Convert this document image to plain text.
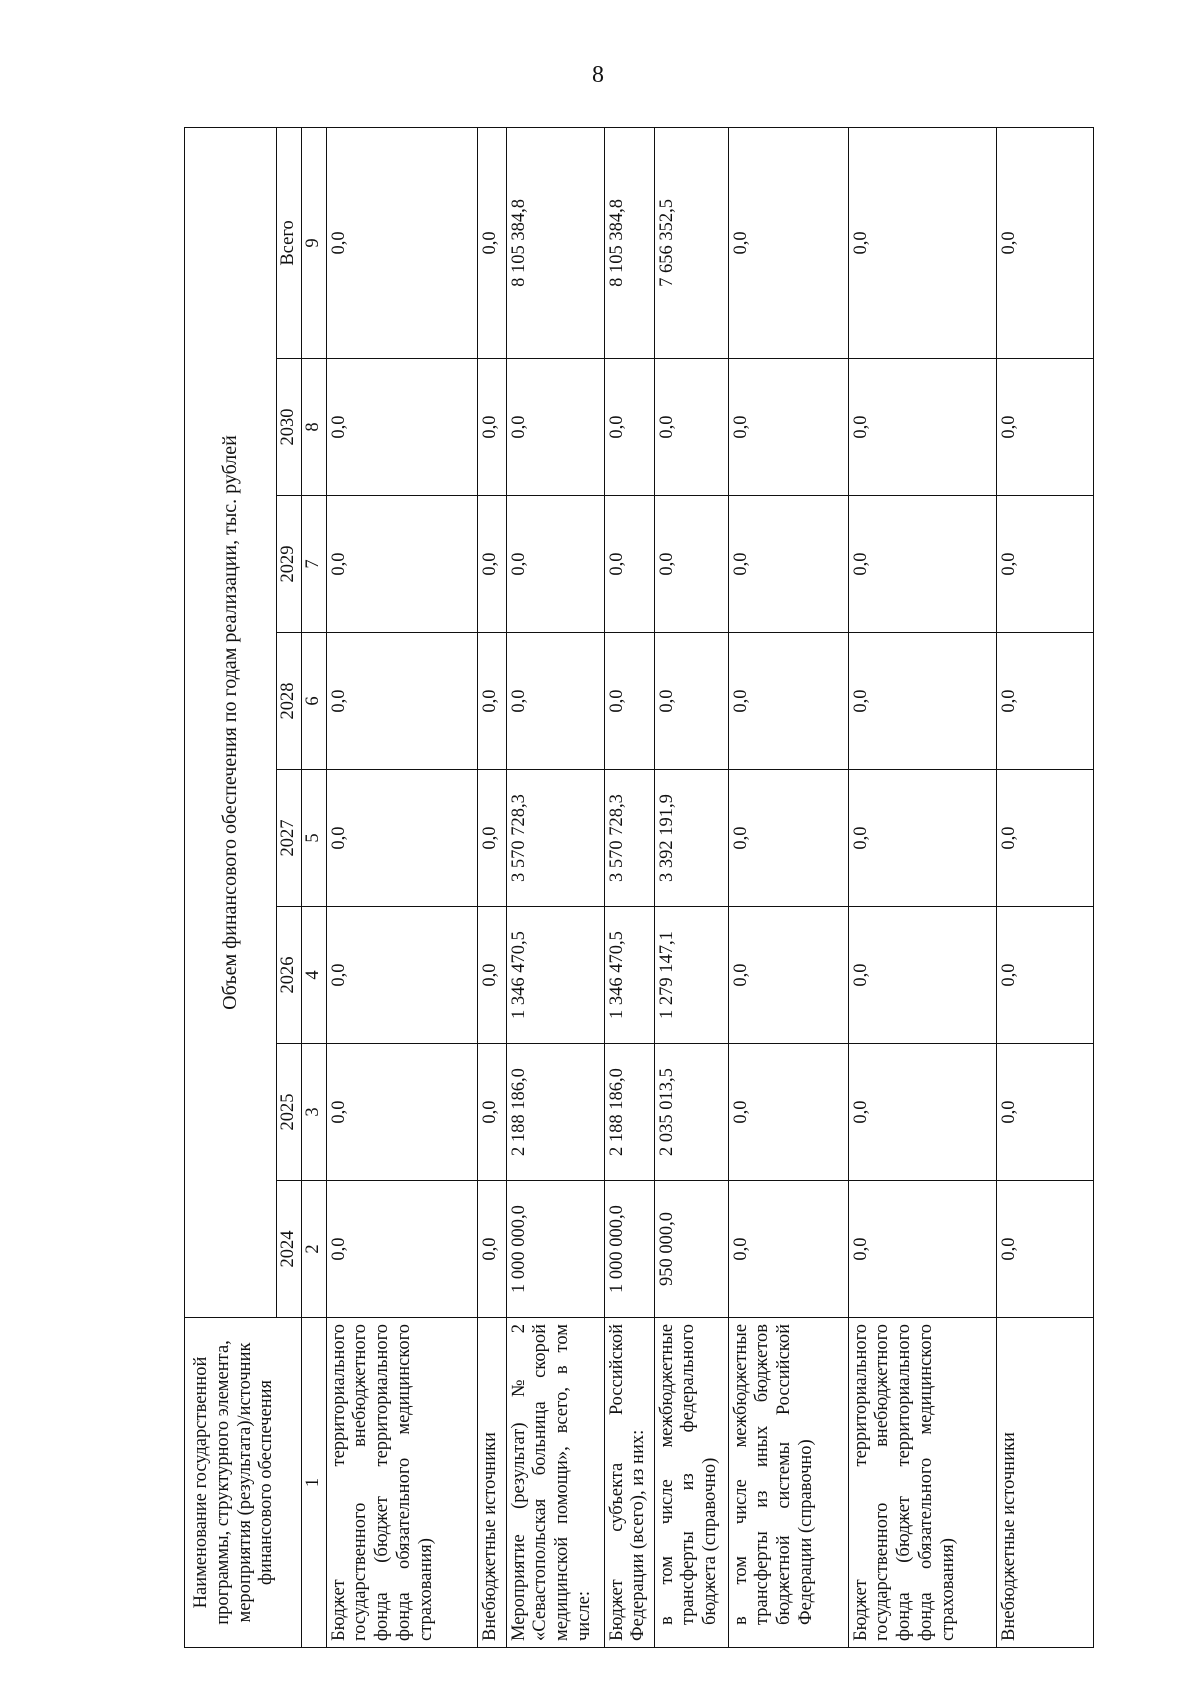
8
Наименование государственной программы, структурного элемента, мероприятия (результата)/источник финансового обеспечения	Объем финансового обеспечения по годам реализации, тыс. рублей							
	2024	2025	2026	2027	2028	2029	2030	Всего
1	2	3	4	5	6	7	8	9
Бюджет территориального государственного внебюджетного фонда (бюджет территориального фонда обязательного медицинского страхования)	0,0	0,0	0,0	0,0	0,0	0,0	0,0	0,0
Внебюджетные источники	0,0	0,0	0,0	0,0	0,0	0,0	0,0	0,0
Мероприятие (результат) № 2 «Севастопольская больница скорой медицинской помощи», всего, в том числе:	1 000 000,0	2 188 186,0	1 346 470,5	3 570 728,3	0,0	0,0	0,0	8 105 384,8
Бюджет субъекта Российской Федерации (всего), из них:	1 000 000,0	2 188 186,0	1 346 470,5	3 570 728,3	0,0	0,0	0,0	8 105 384,8
в том числе межбюджетные трансферты из федерального бюджета (справочно)	950 000,0	2 035 013,5	1 279 147,1	3 392 191,9	0,0	0,0	0,0	7 656 352,5
в том числе межбюджетные трансферты из иных бюджетов бюджетной системы Российской Федерации (справочно)	0,0	0,0	0,0	0,0	0,0	0,0	0,0	0,0
Бюджет территориального государственного внебюджетного фонда (бюджет территориального фонда обязательного медицинского страхования)	0,0	0,0	0,0	0,0	0,0	0,0	0,0	0,0
Внебюджетные источники	0,0	0,0	0,0	0,0	0,0	0,0	0,0	0,0
